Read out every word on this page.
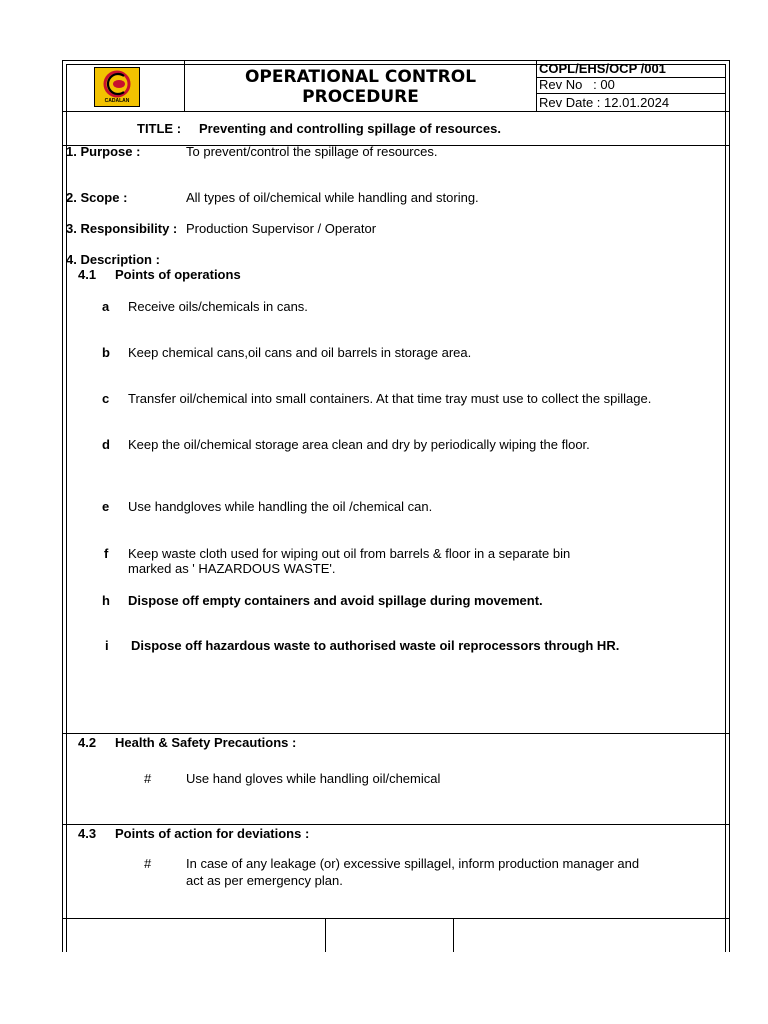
CADALAN
OPERATIONAL CONTROL
PROCEDURE
COPL/EHS/OCP /001
Rev No   : 00
Rev Date : 12.01.2024
TITLE : Preventing and controlling spillage of resources.
1. Purpose :	To prevent/control the spillage of resources.
2. Scope :	All types of oil/chemical while handling and storing.
3. Responsibility : Production Supervisor / Operator
4. Description :
4.1 Points of operations
a Receive oils/chemicals in cans.
b Keep chemical cans,oil cans and oil barrels in storage area.
c Transfer oil/chemical into small containers. At that time tray must use to collect the spillage.
d Keep the oil/chemical storage area clean and dry by periodically wiping the floor.
e Use handgloves while handling the oil /chemical can.
f Keep waste cloth used for wiping out oil from barrels & floor in a separate bin
marked as ' HAZARDOUS WASTE'.
h Dispose off empty containers and avoid spillage during movement.
i Dispose off hazardous waste to authorised waste oil reprocessors through HR.
4.2 Health & Safety Precautions :
#	Use hand gloves while handling oil/chemical
4.3 Points of action for deviations :
#	In case of any leakage (or) excessive spillagel, inform production manager and
act as per emergency plan.
